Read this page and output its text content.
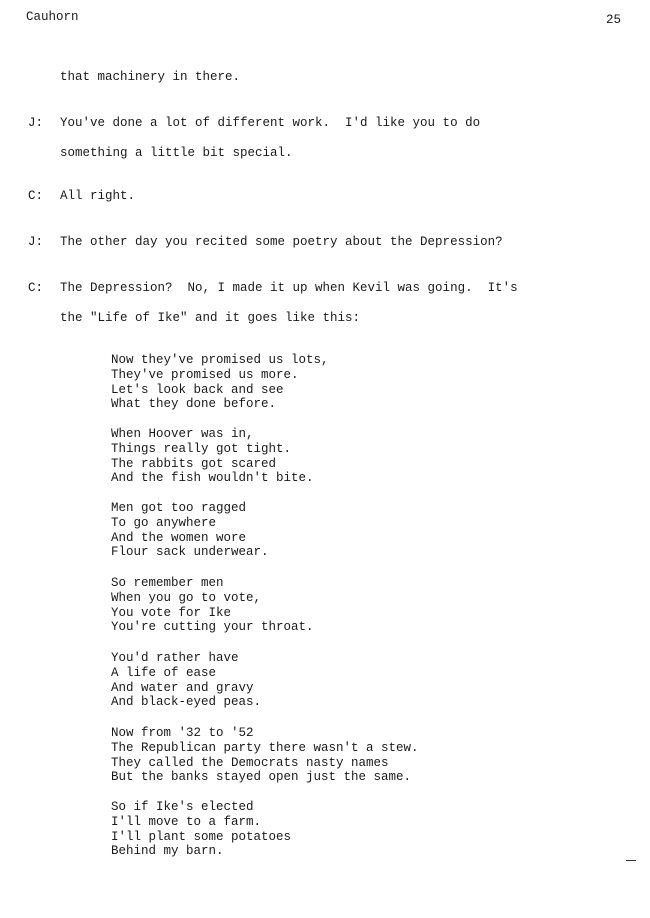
Cauhorn	25
that machinery in there.
J: You've done a lot of different work.  I'd like you to do
something a little bit special.
C: All right.
J: The other day you recited some poetry about the Depression?
C: The Depression?  No, I made it up when Kevil was going.  It's
the "Life of Ike" and it goes like this:
Now they've promised us lots,
They've promised us more.
Let's look back and see
What they done before.
When Hoover was in,
Things really got tight.
The rabbits got scared
And the fish wouldn't bite.
Men got too ragged
To go anywhere
And the women wore
Flour sack underwear.
So remember men
When you go to vote,
You vote for Ike
You're cutting your throat.
You'd rather have
A life of ease
And water and gravy
And black-eyed peas.
Now from '32 to '52
The Republican party there wasn't a stew.
They called the Democrats nasty names
But the banks stayed open just the same.
So if Ike's elected
I'll move to a farm.
I'll plant some potatoes
Behind my barn.
